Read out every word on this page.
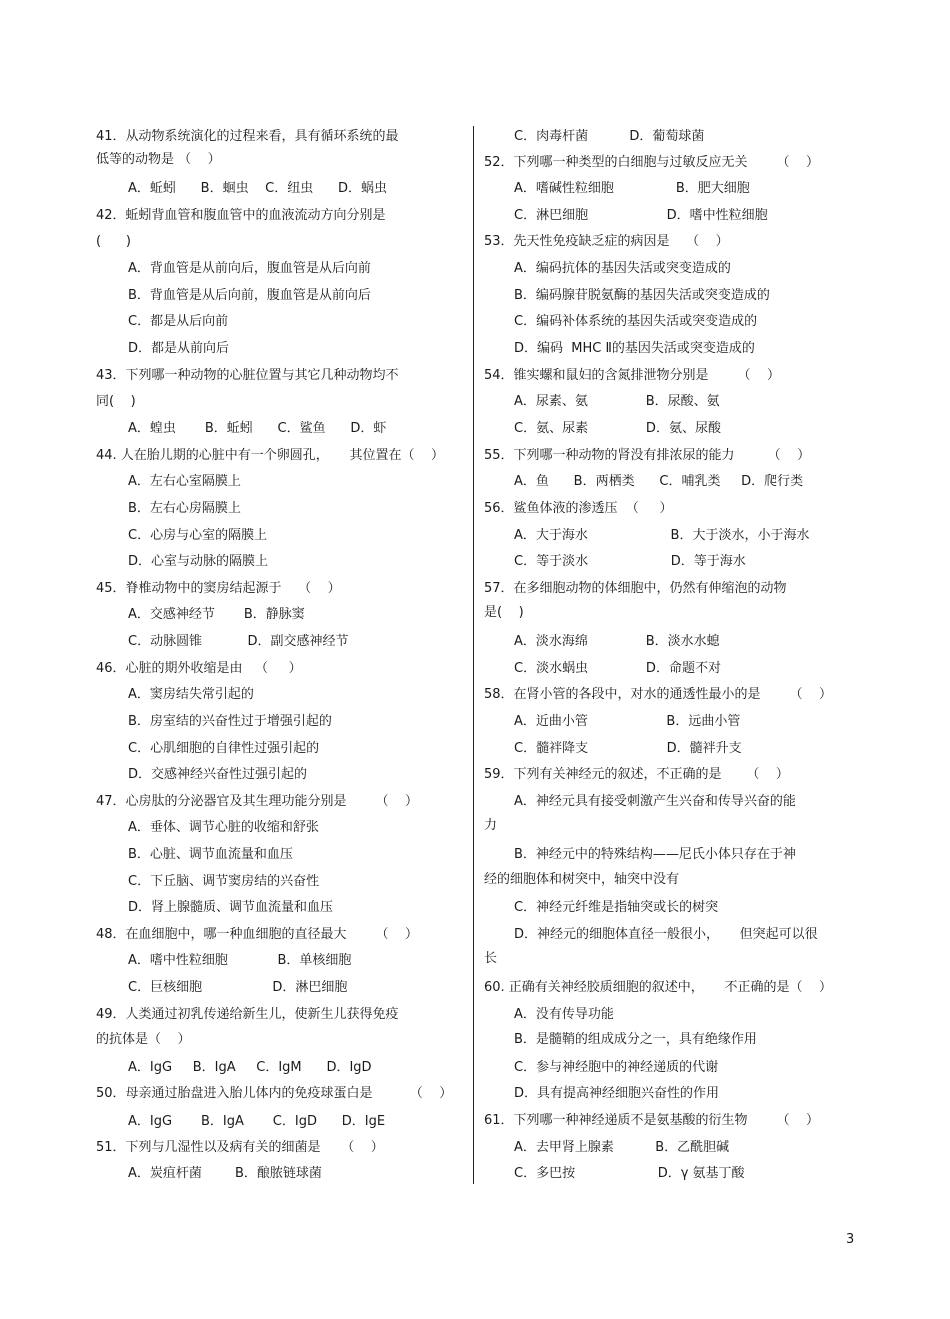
41．从动物系统演化的过程来看，具有循环系统的最
低等的动物是 （    ）
A．蚯蚓      B．蛔虫    C．纽虫      D．蜗虫
42．蚯蚓背血管和腹血管中的血液流动方向分别是
(      )
A．背血管是从前向后，腹血管是从后向前
B．背血管是从后向前，腹血管是从前向后
C．都是从后向前
D．都是从前向后
43．下列哪一种动物的心脏位置与其它几种动物均不
同(    )
A．蝗虫       B．蚯蚓      C．鲨鱼      D．虾
44. 人在胎儿期的心脏中有一个卵圆孔，     其位置在（    ）
A．左右心室隔膜上
B．左右心房隔膜上
C．心房与心室的隔膜上
D．心室与动脉的隔膜上
45．脊椎动物中的窦房结起源于    （    ）
A．交感神经节       B．静脉窦
C．动脉圆锥           D．副交感神经节
46．心脏的期外收缩是由   （     ）
A．窦房结失常引起的
B．房室结的兴奋性过于增强引起的
C．心肌细胞的自律性过强引起的
D．交感神经兴奋性过强引起的
47．心房肽的分泌器官及其生理功能分别是       （    ）
A．垂体、调节心脏的收缩和舒张
B．心脏、调节血流量和血压
C．下丘脑、调节窦房结的兴奋性
D．肾上腺髓质、调节血流量和血压
48．在血细胞中，哪一种血细胞的直径最大       （    ）
A．嗜中性粒细胞            B．单核细胞
C．巨核细胞                 D．淋巴细胞
49．人类通过初乳传递给新生儿，使新生儿获得免疫
的抗体是（    ）
A．IgG     B．IgA     C．IgM      D．IgD
50．母亲通过胎盘进入胎儿体内的免疫球蛋白是         （    ）
A．IgG       B．IgA       C．IgD      D．IgE
51．下列与几湿性以及病有关的细菌是     （    ）
A．炭疽杆菌        B．酿脓链球菌
C．肉毒杆菌          D．葡萄球菌
52．下列哪一种类型的白细胞与过敏反应无关       （    ）
A．嗜碱性粒细胞               B．肥大细胞
C．淋巴细胞                   D．嗜中性粒细胞
53．先天性免疫缺乏症的病因是    （    ）
A．编码抗体的基因失活或突变造成的
B．编码腺苷脱氨酶的基因失活或突变造成的
C．编码补体系统的基因失活或突变造成的
D．编码  MHC Ⅱ的基因失活或突变造成的
54．锥实螺和鼠妇的含氮排泄物分别是       （    ）
A．尿素、氨              B．尿酸、氨
C．氨、尿素              D．氨、尿酸
55．下列哪一种动物的肾没有排浓尿的能力        （    ）
A．鱼      B．两栖类      C．哺乳类     D．爬行类
56．鲨鱼体液的渗透压  （     ）
A．大于海水                    B．大于淡水，小于海水
C．等于淡水                    D．等于海水
57．在多细胞动物的体细胞中，仍然有伸缩泡的动物
是(    )
A．淡水海绵              B．淡水水螅
C．淡水蜗虫              D．命题不对
58．在肾小管的各段中，对水的通透性最小的是       （    ）
A．近曲小管                   B．远曲小管
C．髓袢降支                   D．髓袢升支
59．下列有关神经元的叙述，不正确的是      （    ）
A．神经元具有接受刺激产生兴奋和传导兴奋的能
力
B．神经元中的特殊结构——尼氏小体只存在于神
经的细胞体和树突中，轴突中没有
C．神经元纤维是指轴突或长的树突
D．神经元的细胞体直径一般很小，     但突起可以很
长
60. 正确有关神经胶质细胞的叙述中，     不正确的是（    ）
A．没有传导功能
B．是髓鞘的组成成分之一，具有绝缘作用
C．参与神经胞中的神经递质的代谢
D．具有提高神经细胞兴奋性的作用
61．下列哪一种神经递质不是氨基酸的衍生物       （    ）
A．去甲肾上腺素          B．乙酰胆碱
C．多巴按                    D．γ 氨基丁酸
3
